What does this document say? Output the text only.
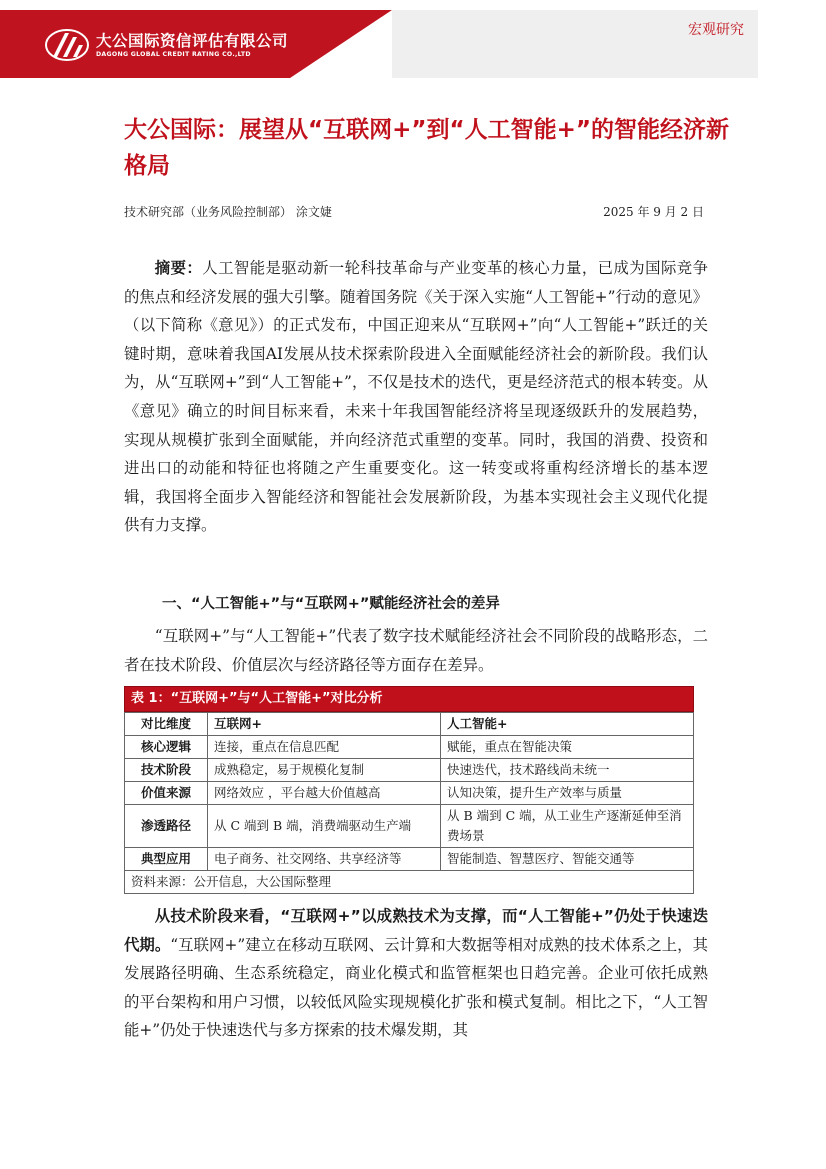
大公国际资信评估有限公司
DAGONG GLOBAL CREDIT RATING CO.,LTD
宏观研究
大公国际：展望从“互联网+”到“人工智能+”的智能经济新格局
技术研究部（业务风险控制部） 涂文婕	2025 年 9 月 2 日

摘要：人工智能是驱动新一轮科技革命与产业变革的核心力量，已成为国际竞争的焦点和经济发展的强大引擎。随着国务院《关于深入实施“人工智能+”行动的意见》（以下简称《意见》）的正式发布，中国正迎来从“互联网+”向“人工智能+”跃迁的关键时期，意味着我国AI发展从技术探索阶段进入全面赋能经济社会的新阶段。我们认为，从“互联网+”到“人工智能+”，不仅是技术的迭代，更是经济范式的根本转变。从《意见》确立的时间目标来看，未来十年我国智能经济将呈现逐级跃升的发展趋势，实现从规模扩张到全面赋能，并向经济范式重塑的变革。同时，我国的消费、投资和进出口的动能和特征也将随之产生重要变化。这一转变或将重构经济增长的基本逻辑，我国将全面步入智能经济和智能社会发展新阶段，为基本实现社会主义现代化提供有力支撑。

一、“人工智能+”与“互联网+”赋能经济社会的差异

“互联网+”与“人工智能+”代表了数字技术赋能经济社会不同阶段的战略形态，二者在技术阶段、价值层次与经济路径等方面存在差异。

表 1：“互联网+”与“人工智能+”对比分析
对比维度	互联网+	人工智能+
核心逻辑	连接，重点在信息匹配	赋能，重点在智能决策
技术阶段	成熟稳定，易于规模化复制	快速迭代，技术路线尚未统一
价值来源	网络效应 ，平台越大价值越高	认知决策，提升生产效率与质量
渗透路径	从 C 端到 B 端，消费端驱动生产端	从 B 端到 C 端，从工业生产逐渐延伸至消费场景
典型应用	电子商务、社交网络、共享经济等	智能制造、智慧医疗、智能交通等
资料来源：公开信息，大公国际整理

从技术阶段来看，“互联网+”以成熟技术为支撑，而“人工智能+”仍处于快速迭代期。“互联网+”建立在移动互联网、云计算和大数据等相对成熟的技术体系之上，其发展路径明确、生态系统稳定，商业化模式和监管框架也日趋完善。企业可依托成熟的平台架构和用户习惯，以较低风险实现规模化扩张和模式复制。相比之下，“人工智能+”仍处于快速迭代与多方探索的技术爆发期，其
